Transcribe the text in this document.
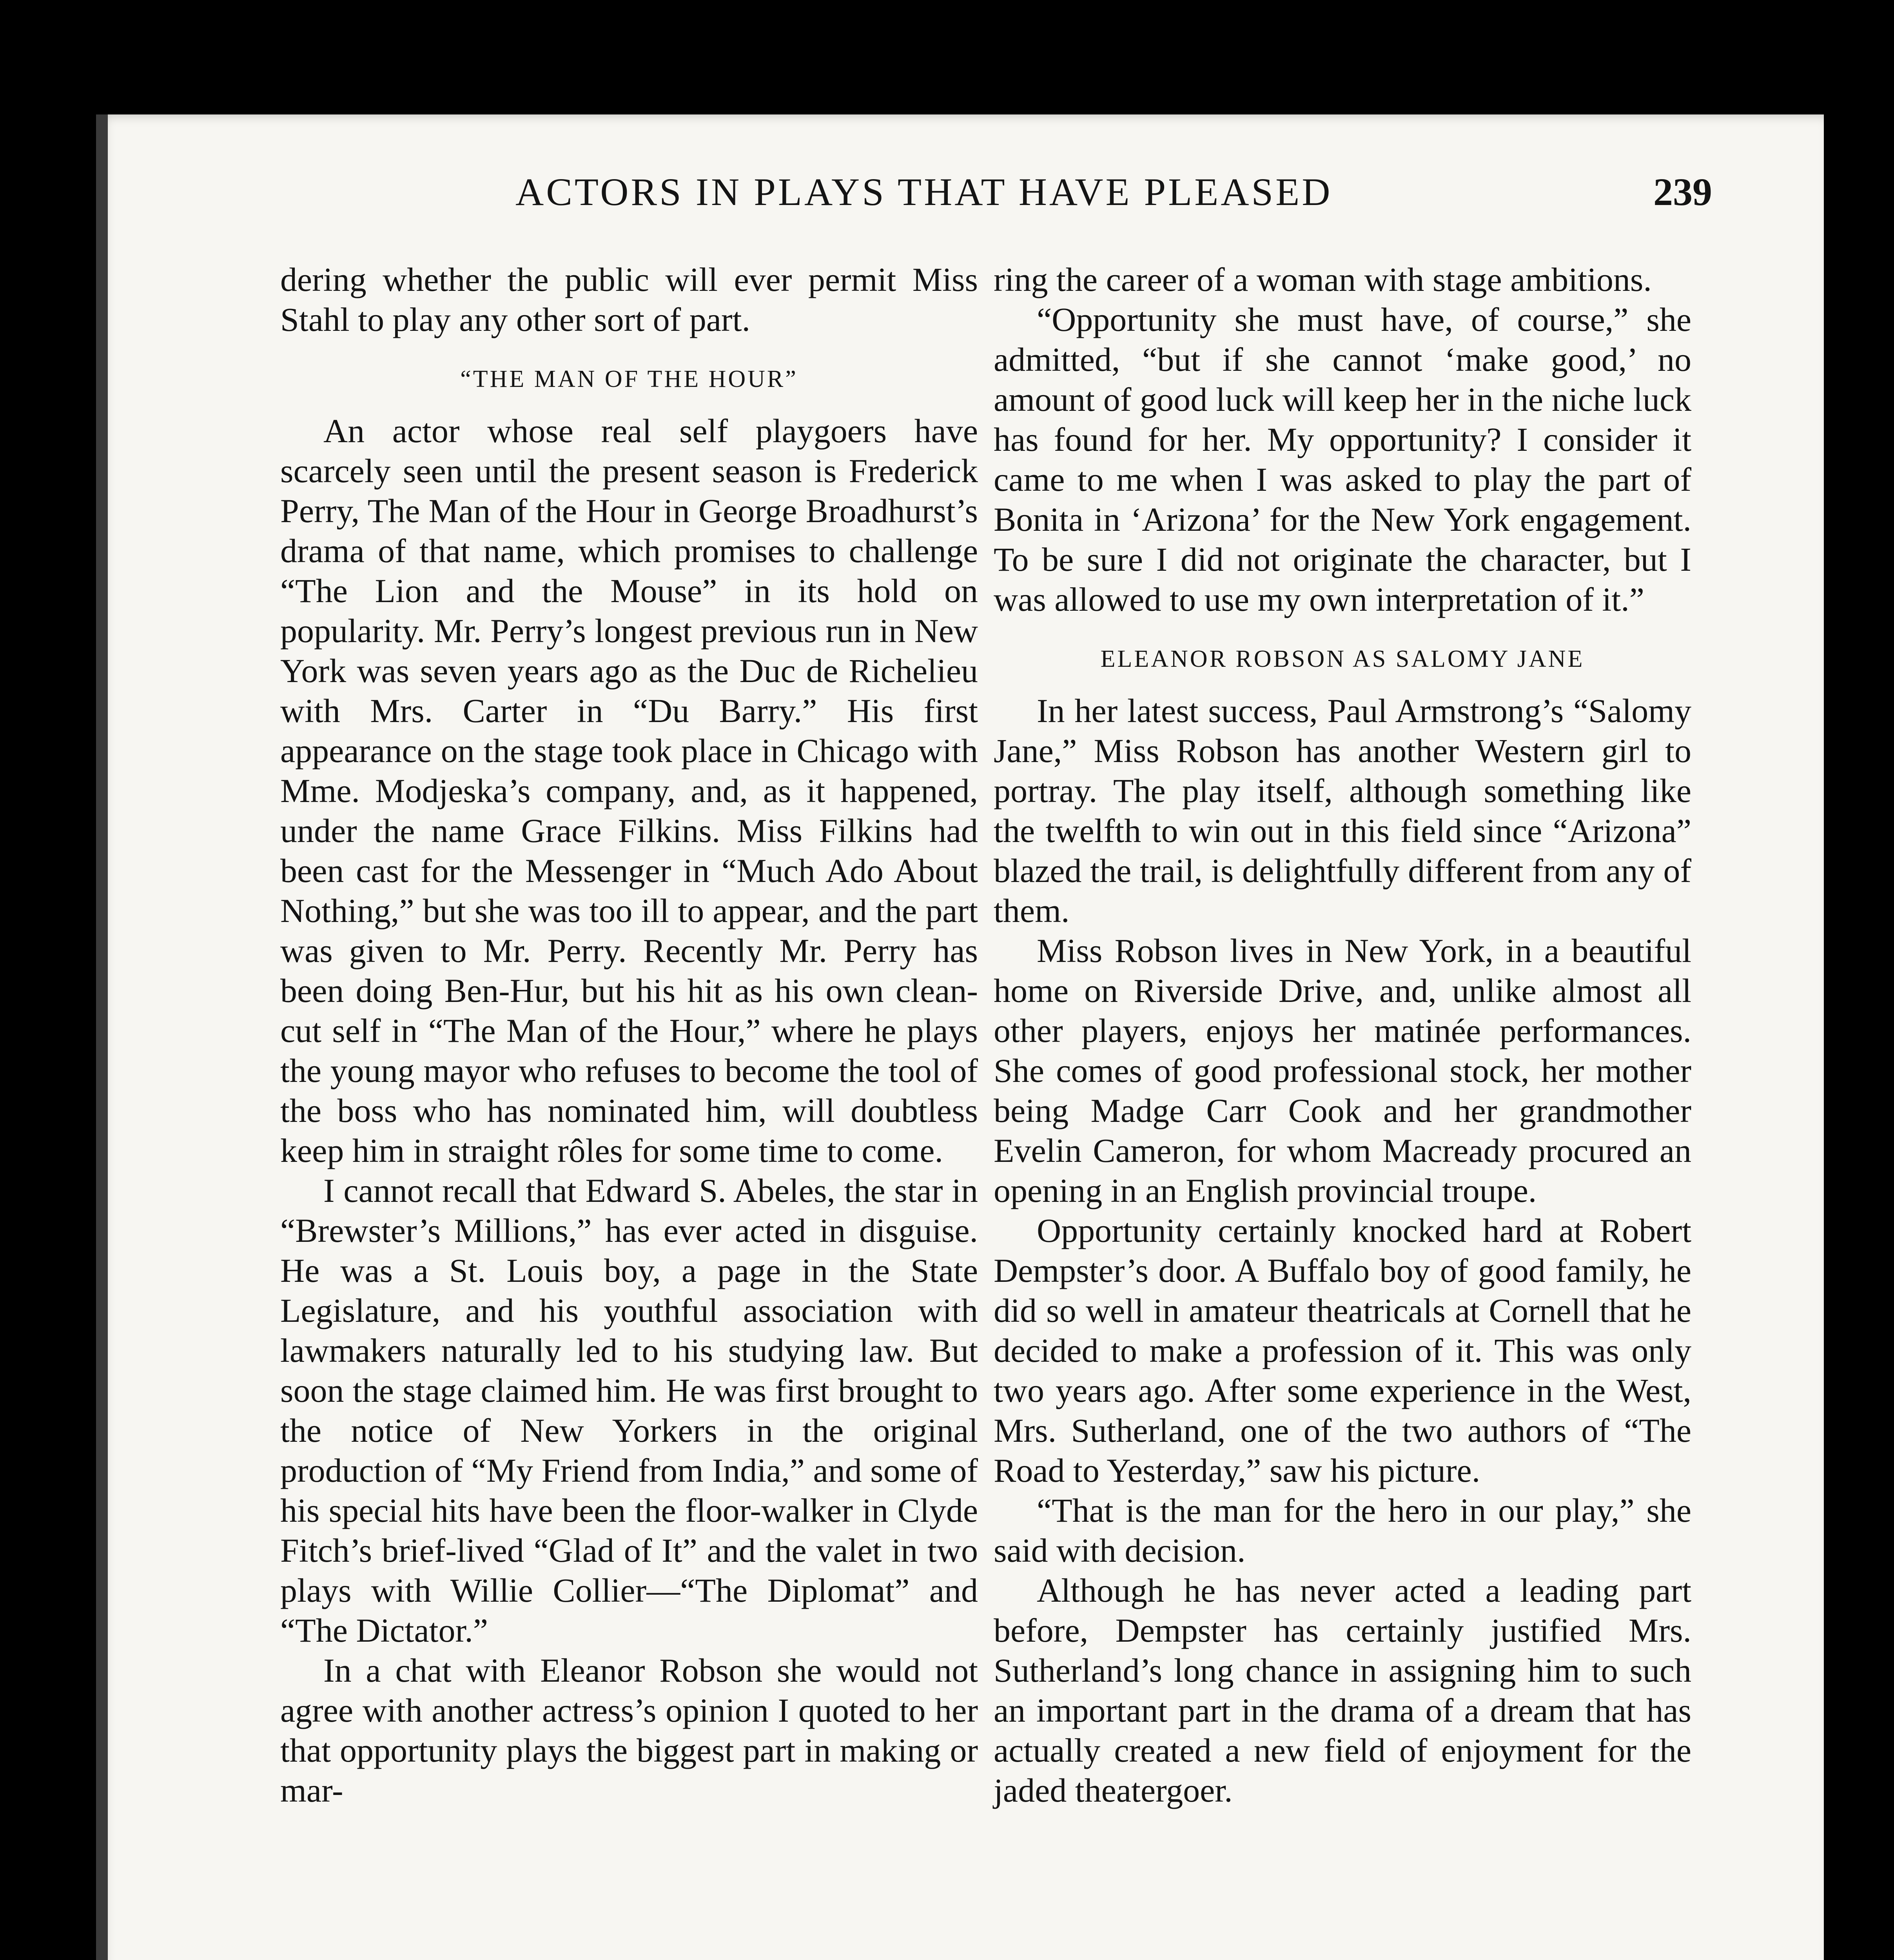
ACTORS IN PLAYS THAT HAVE PLEASED	239

dering whether the public will ever permit Miss Stahl to play any other sort of part.

“THE MAN OF THE HOUR”

An actor whose real self playgoers have scarcely seen until the present season is Frederick Perry, The Man of the Hour in George Broadhurst’s drama of that name, which promises to challenge “The Lion and the Mouse” in its hold on popularity. Mr. Perry’s longest previous run in New York was seven years ago as the Duc de Richelieu with Mrs. Carter in “Du Barry.” His first appearance on the stage took place in Chicago with Mme. Modjeska’s company, and, as it happened, under the name Grace Filkins. Miss Filkins had been cast for the Messenger in “Much Ado About Nothing,” but she was too ill to appear, and the part was given to Mr. Perry. Recently Mr. Perry has been doing Ben-Hur, but his hit as his own clean-cut self in “The Man of the Hour,” where he plays the young mayor who refuses to become the tool of the boss who has nominated him, will doubtless keep him in straight rôles for some time to come.

I cannot recall that Edward S. Abeles, the star in “Brewster’s Millions,” has ever acted in disguise. He was a St. Louis boy, a page in the State Legislature, and his youthful association with lawmakers naturally led to his studying law. But soon the stage claimed him. He was first brought to the notice of New Yorkers in the original production of “My Friend from India,” and some of his special hits have been the floor-walker in Clyde Fitch’s brief-lived “Glad of It” and the valet in two plays with Willie Collier—“The Diplomat” and “The Dictator.”

In a chat with Eleanor Robson she would not agree with another actress’s opinion I quoted to her that opportunity plays the biggest part in making or mar-

ring the career of a woman with stage ambitions.

“Opportunity she must have, of course,” she admitted, “but if she cannot ‘make good,’ no amount of good luck will keep her in the niche luck has found for her. My opportunity? I consider it came to me when I was asked to play the part of Bonita in ‘Arizona’ for the New York engagement. To be sure I did not originate the character, but I was allowed to use my own interpretation of it.”

ELEANOR ROBSON AS SALOMY JANE

In her latest success, Paul Armstrong’s “Salomy Jane,” Miss Robson has another Western girl to portray. The play itself, although something like the twelfth to win out in this field since “Arizona” blazed the trail, is delightfully different from any of them.

Miss Robson lives in New York, in a beautiful home on Riverside Drive, and, unlike almost all other players, enjoys her matinée performances. She comes of good professional stock, her mother being Madge Carr Cook and her grandmother Evelin Cameron, for whom Macready procured an opening in an English provincial troupe.

Opportunity certainly knocked hard at Robert Dempster’s door. A Buffalo boy of good family, he did so well in amateur theatricals at Cornell that he decided to make a profession of it. This was only two years ago. After some experience in the West, Mrs. Sutherland, one of the two authors of “The Road to Yesterday,” saw his picture.

“That is the man for the hero in our play,” she said with decision.

Although he has never acted a leading part before, Dempster has certainly justified Mrs. Sutherland’s long chance in assigning him to such an important part in the drama of a dream that has actually created a new field of enjoyment for the jaded theatergoer.
